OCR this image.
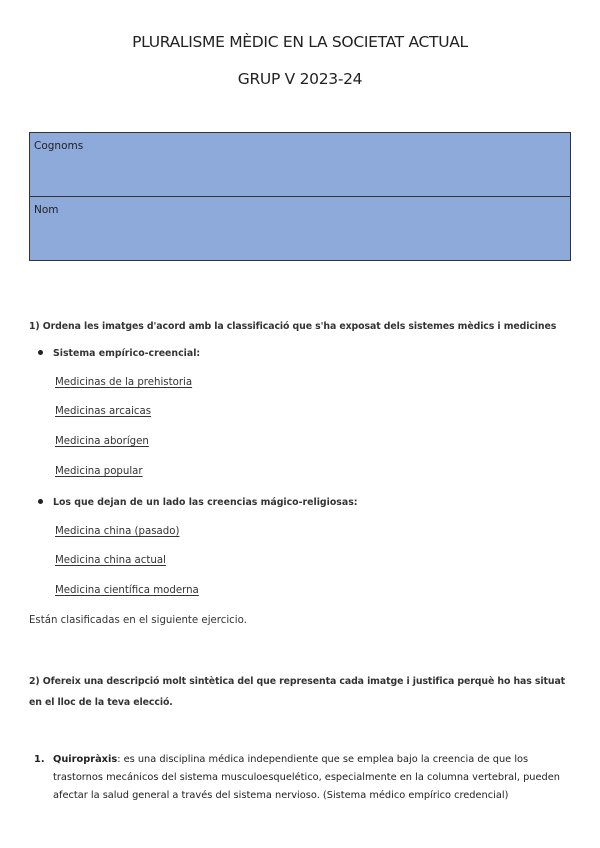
PLURALISME MÈDIC EN LA SOCIETAT ACTUAL
GRUP V 2023-24
Cognoms
Nom
1) Ordena les imatges d'acord amb la classificació que s'ha exposat dels sistemes mèdics i medicines
Sistema empírico-creencial:
Medicinas de la prehistoria
Medicinas arcaicas
Medicina aborígen
Medicina popular
Los que dejan de un lado las creencias mágico-religiosas:
Medicina china (pasado)
Medicina china actual
Medicina científica moderna
Están clasificadas en el siguiente ejercicio.
2) Ofereix una descripció molt sintètica del que representa cada imatge i justifica perquè ho has situat en el lloc de la teva elecció.
1. Quiropràxis: es una disciplina médica independiente que se emplea bajo la creencia de que los trastornos mecánicos del sistema musculoesquelético, especialmente en la columna vertebral, pueden afectar la salud general a través del sistema nervioso. (Sistema médico empírico credencial)
